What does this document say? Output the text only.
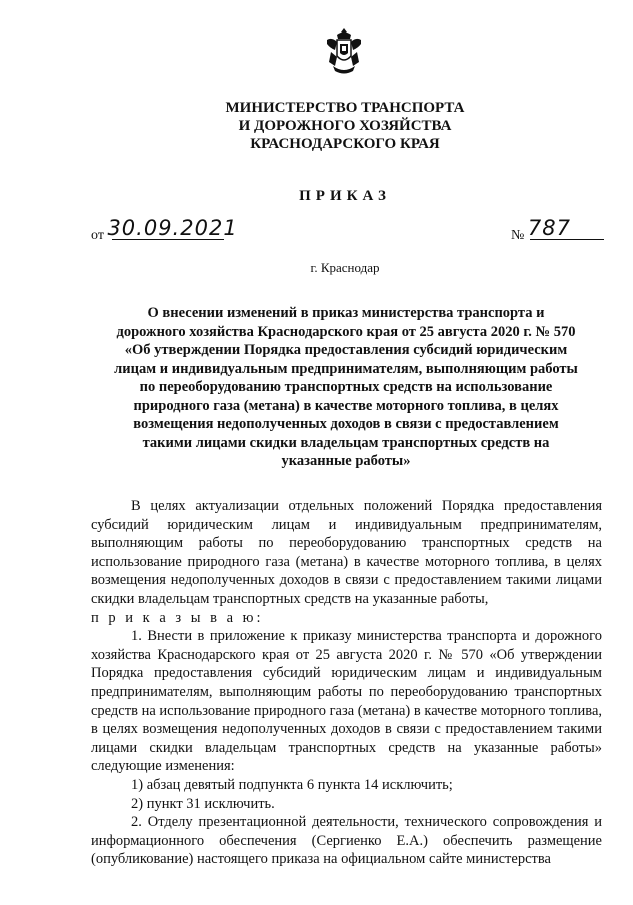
МИНИСТЕРСТВО ТРАНСПОРТА
И ДОРОЖНОГО ХОЗЯЙСТВА
КРАСНОДАРСКОГО КРАЯ
ПРИКАЗ
от 30.09.2021	№ 787
г. Краснодар
О внесении изменений в приказ министерства транспорта и дорожного хозяйства Краснодарского края от 25 августа 2020 г. № 570 «Об утверждении Порядка предоставления субсидий юридическим лицам и индивидуальным предпринимателям, выполняющим работы по переоборудованию транспортных средств на использование природного газа (метана) в качестве моторного топлива, в целях возмещения недополученных доходов в связи с предоставлением такими лицами скидки владельцам транспортных средств на указанные работы»

В целях актуализации отдельных положений Порядка предоставления субсидий юридическим лицам и индивидуальным предпринимателям, выполняющим работы по переоборудованию транспортных средств на использование природного газа (метана) в качестве моторного топлива, в целях возмещения недополученных доходов в связи с предоставлением такими лицами скидки владельцам транспортных средств на указанные работы,

п р и к а з ы в а ю:

1. Внести в приложение к приказу министерства транспорта и дорожного хозяйства Краснодарского края от 25 августа 2020 г. № 570 «Об утверждении Порядка предоставления субсидий юридическим лицам и индивидуальным предпринимателям, выполняющим работы по переоборудованию транспортных средств на использование природного газа (метана) в качестве моторного топлива, в целях возмещения недополученных доходов в связи с предоставлением такими лицами скидки владельцам транспортных средств на указанные работы» следующие изменения:

1) абзац девятый подпункта 6 пункта 14 исключить;

2) пункт 31 исключить.

2. Отделу презентационной деятельности, технического сопровождения и информационного обеспечения (Сергиенко Е.А.) обеспечить размещение (опубликование) настоящего приказа на официальном сайте министерства
